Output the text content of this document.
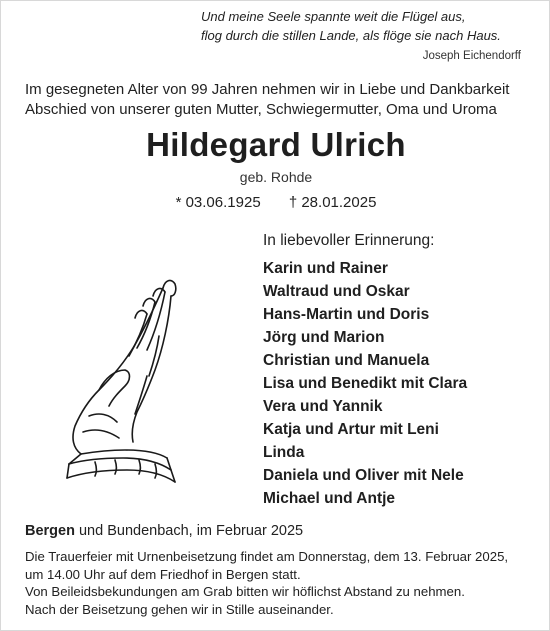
Und meine Seele spannte weit die Flügel aus,
flog durch die stillen Lande, als flöge sie nach Haus.
Joseph Eichendorff
Im gesegneten Alter von 99 Jahren nehmen wir in Liebe und Dankbarkeit
Abschied von unserer guten Mutter, Schwiegermutter, Oma und Uroma
Hildegard Ulrich
geb. Rohde
* 03.06.1925 † 28.01.2025
In liebevoller Erinnerung:
Karin und Rainer
Waltraud und Oskar
Hans-Martin und Doris
Jörg und Marion
Christian und Manuela
Lisa und Benedikt mit Clara
Vera und Yannik
Katja und Artur mit Leni
Linda
Daniela und Oliver mit Nele
Michael und Antje
Bergen und Bundenbach, im Februar 2025
Die Trauerfeier mit Urnenbeisetzung findet am Donnerstag, dem 13. Februar 2025,
um 14.00 Uhr auf dem Friedhof in Bergen statt.
Von Beileidsbekundungen am Grab bitten wir höflichst Abstand zu nehmen.
Nach der Beisetzung gehen wir in Stille auseinander.
